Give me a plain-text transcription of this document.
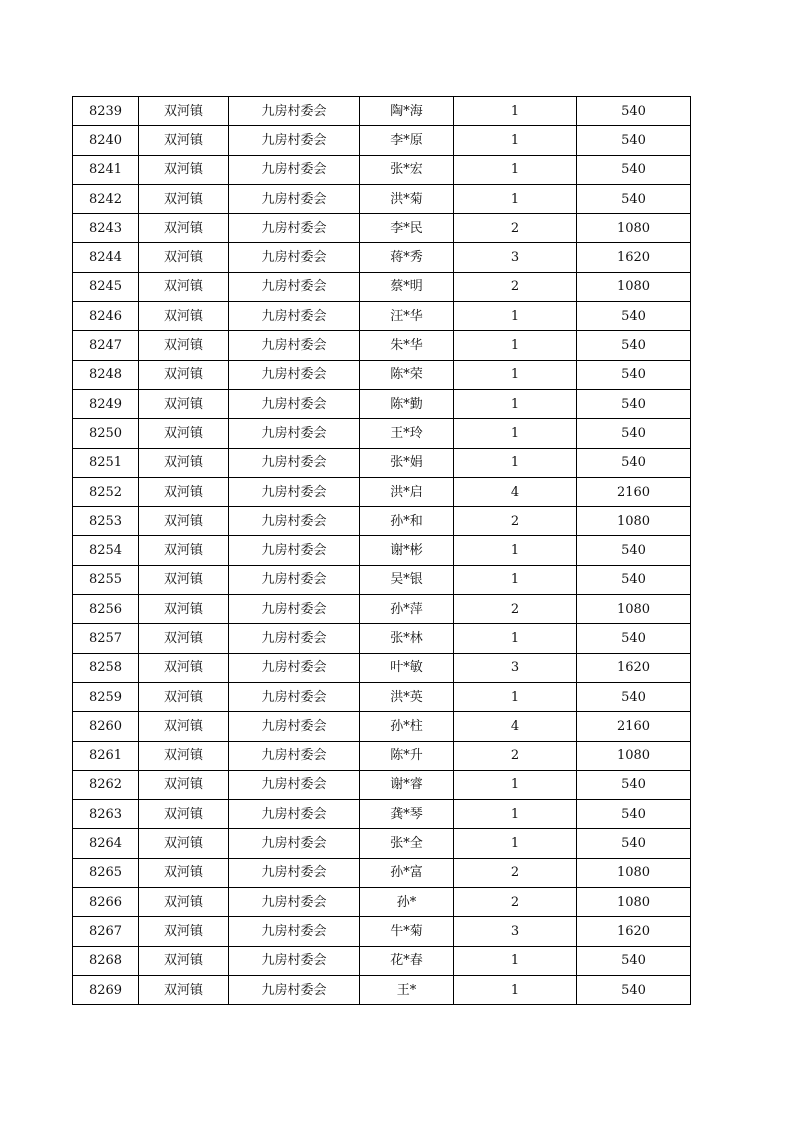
8239	双河镇	九房村委会	陶*海	1	540
8240	双河镇	九房村委会	李*原	1	540
8241	双河镇	九房村委会	张*宏	1	540
8242	双河镇	九房村委会	洪*菊	1	540
8243	双河镇	九房村委会	李*民	2	1080
8244	双河镇	九房村委会	蒋*秀	3	1620
8245	双河镇	九房村委会	蔡*明	2	1080
8246	双河镇	九房村委会	汪*华	1	540
8247	双河镇	九房村委会	朱*华	1	540
8248	双河镇	九房村委会	陈*荣	1	540
8249	双河镇	九房村委会	陈*勤	1	540
8250	双河镇	九房村委会	王*玲	1	540
8251	双河镇	九房村委会	张*娟	1	540
8252	双河镇	九房村委会	洪*启	4	2160
8253	双河镇	九房村委会	孙*和	2	1080
8254	双河镇	九房村委会	谢*彬	1	540
8255	双河镇	九房村委会	吴*银	1	540
8256	双河镇	九房村委会	孙*萍	2	1080
8257	双河镇	九房村委会	张*林	1	540
8258	双河镇	九房村委会	叶*敏	3	1620
8259	双河镇	九房村委会	洪*英	1	540
8260	双河镇	九房村委会	孙*柱	4	2160
8261	双河镇	九房村委会	陈*升	2	1080
8262	双河镇	九房村委会	谢*睿	1	540
8263	双河镇	九房村委会	龚*琴	1	540
8264	双河镇	九房村委会	张*全	1	540
8265	双河镇	九房村委会	孙*富	2	1080
8266	双河镇	九房村委会	孙*	2	1080
8267	双河镇	九房村委会	牛*菊	3	1620
8268	双河镇	九房村委会	花*春	1	540
8269	双河镇	九房村委会	王*	1	540
